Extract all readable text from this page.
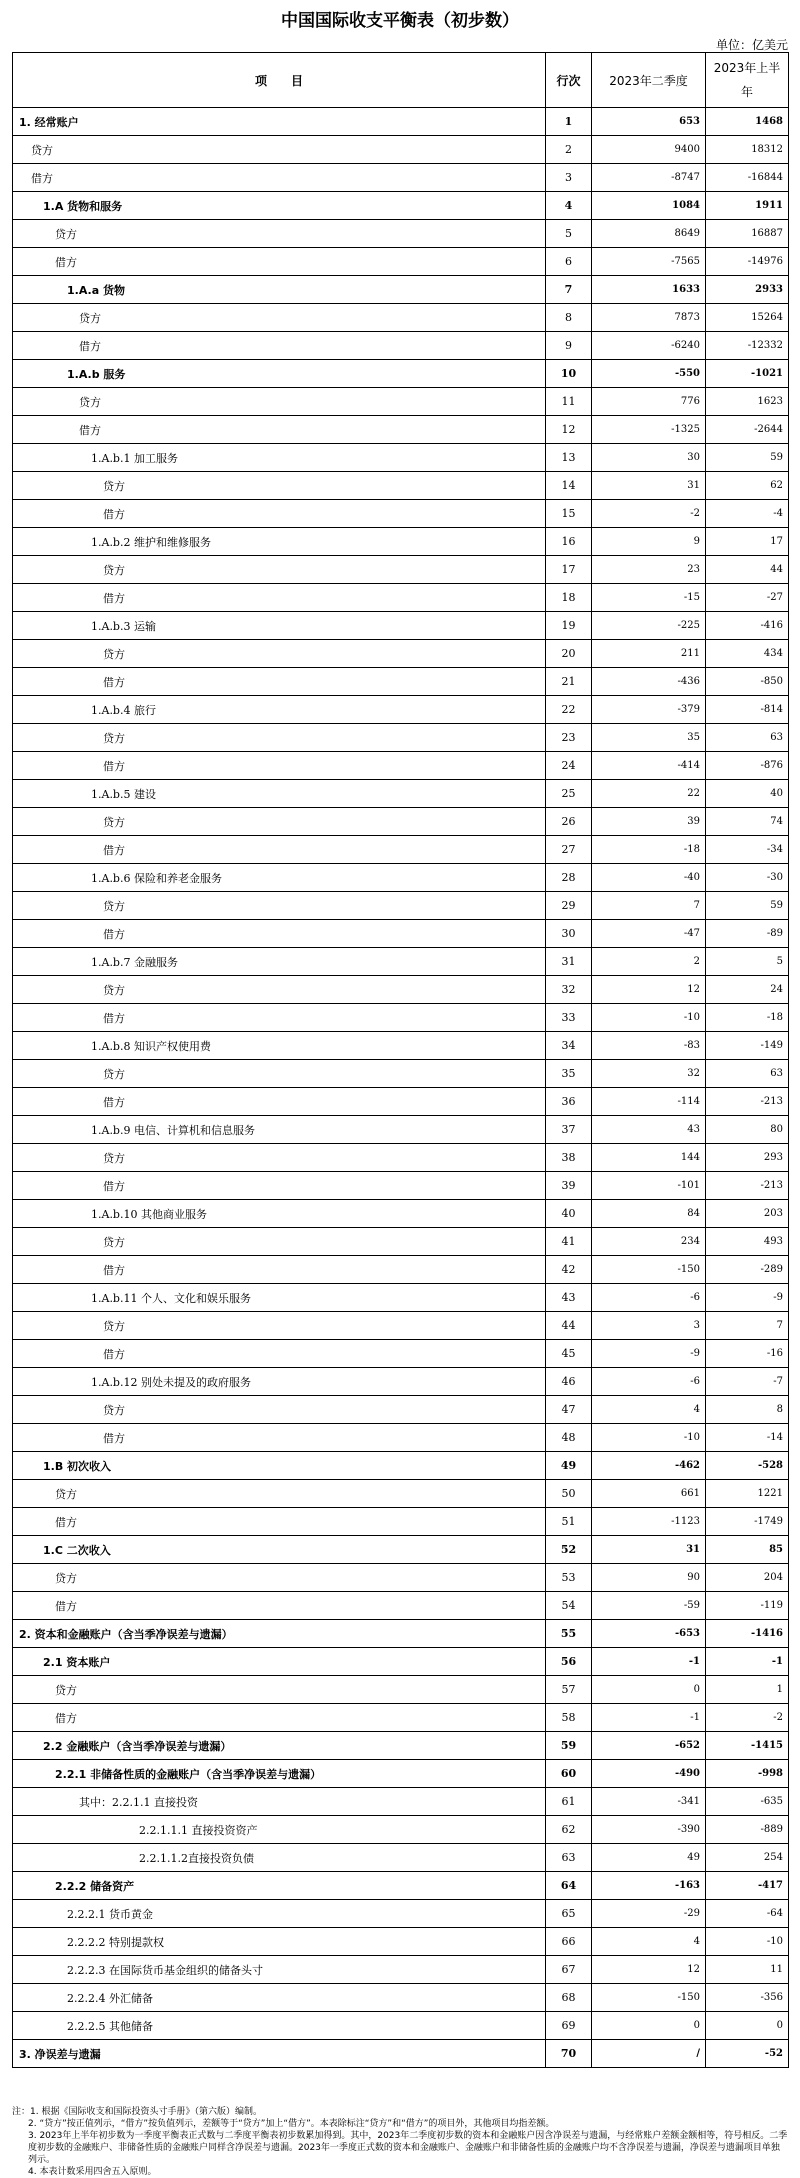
中国国际收支平衡表（初步数）
单位：亿美元
项　　目	行次	2023年二季度	2023年上半年
1. 经常账户	1	653	1468
贷方	2	9400	18312
借方	3	-8747	-16844
1.A 货物和服务	4	1084	1911
贷方	5	8649	16887
借方	6	-7565	-14976
1.A.a 货物	7	1633	2933
贷方	8	7873	15264
借方	9	-6240	-12332
1.A.b 服务	10	-550	-1021
贷方	11	776	1623
借方	12	-1325	-2644
1.A.b.1 加工服务	13	30	59
贷方	14	31	62
借方	15	-2	-4
1.A.b.2 维护和维修服务	16	9	17
贷方	17	23	44
借方	18	-15	-27
1.A.b.3 运输	19	-225	-416
贷方	20	211	434
借方	21	-436	-850
1.A.b.4 旅行	22	-379	-814
贷方	23	35	63
借方	24	-414	-876
1.A.b.5 建设	25	22	40
贷方	26	39	74
借方	27	-18	-34
1.A.b.6 保险和养老金服务	28	-40	-30
贷方	29	7	59
借方	30	-47	-89
1.A.b.7 金融服务	31	2	5
贷方	32	12	24
借方	33	-10	-18
1.A.b.8 知识产权使用费	34	-83	-149
贷方	35	32	63
借方	36	-114	-213
1.A.b.9 电信、计算机和信息服务	37	43	80
贷方	38	144	293
借方	39	-101	-213
1.A.b.10 其他商业服务	40	84	203
贷方	41	234	493
借方	42	-150	-289
1.A.b.11 个人、文化和娱乐服务	43	-6	-9
贷方	44	3	7
借方	45	-9	-16
1.A.b.12 别处未提及的政府服务	46	-6	-7
贷方	47	4	8
借方	48	-10	-14
1.B 初次收入	49	-462	-528
贷方	50	661	1221
借方	51	-1123	-1749
1.C 二次收入	52	31	85
贷方	53	90	204
借方	54	-59	-119
2. 资本和金融账户（含当季净误差与遗漏）	55	-653	-1416
2.1 资本账户	56	-1	-1
贷方	57	0	1
借方	58	-1	-2
2.2 金融账户（含当季净误差与遗漏）	59	-652	-1415
2.2.1 非储备性质的金融账户（含当季净误差与遗漏）	60	-490	-998
其中：2.2.1.1 直接投资	61	-341	-635
2.2.1.1.1 直接投资资产	62	-390	-889
2.2.1.1.2直接投资负债	63	49	254
2.2.2 储备资产	64	-163	-417
2.2.2.1 货币黄金	65	-29	-64
2.2.2.2 特别提款权	66	4	-10
2.2.2.3 在国际货币基金组织的储备头寸	67	12	11
2.2.2.4 外汇储备	68	-150	-356
2.2.2.5 其他储备	69	0	0
3. 净误差与遗漏	70	/	-52
注：1. 根据《国际收支和国际投资头寸手册》（第六版）编制。
2. “贷方”按正值列示，“借方”按负值列示，差额等于“贷方”加上“借方”。本表除标注“贷方”和“借方”的项目外，其他项目均指差额。
3. 2023年上半年初步数为一季度平衡表正式数与二季度平衡表初步数累加得到。其中，2023年二季度初步数的资本和金融账户因含净误差与遗漏，与经常账户差额金额相等，符号相反。二季度初步数的金融账户、非储备性质的金融账户同样含净误差与遗漏。2023年一季度正式数的资本和金融账户、金融账户和非储备性质的金融账户均不含净误差与遗漏，净误差与遗漏项目单独列示。
4. 本表计数采用四舍五入原则。
